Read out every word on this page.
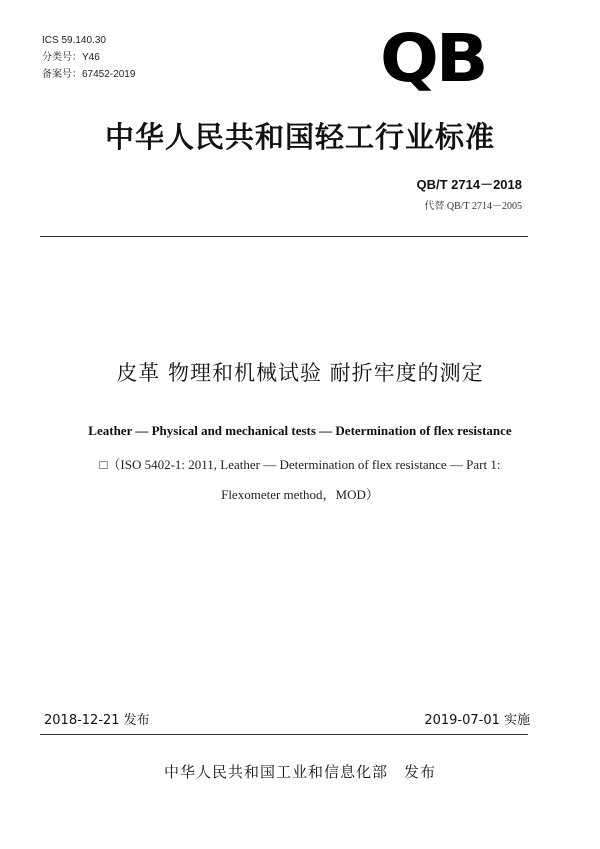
ICS 59.140.30
分类号：Y46
备案号：67452-2019	QB
中华人民共和国轻工行业标准
QB/T 2714－2018
代替 QB/T 2714－2005
皮革 物理和机械试验 耐折牢度的测定
Leather — Physical and mechanical tests — Determination of flex resistance
□（ISO 5402-1: 2011, Leather — Determination of flex resistance — Part 1:
Flexometer method，MOD）
2018-12-21 发布	2019-07-01 实施
中华人民共和国工业和信息化部　发布
